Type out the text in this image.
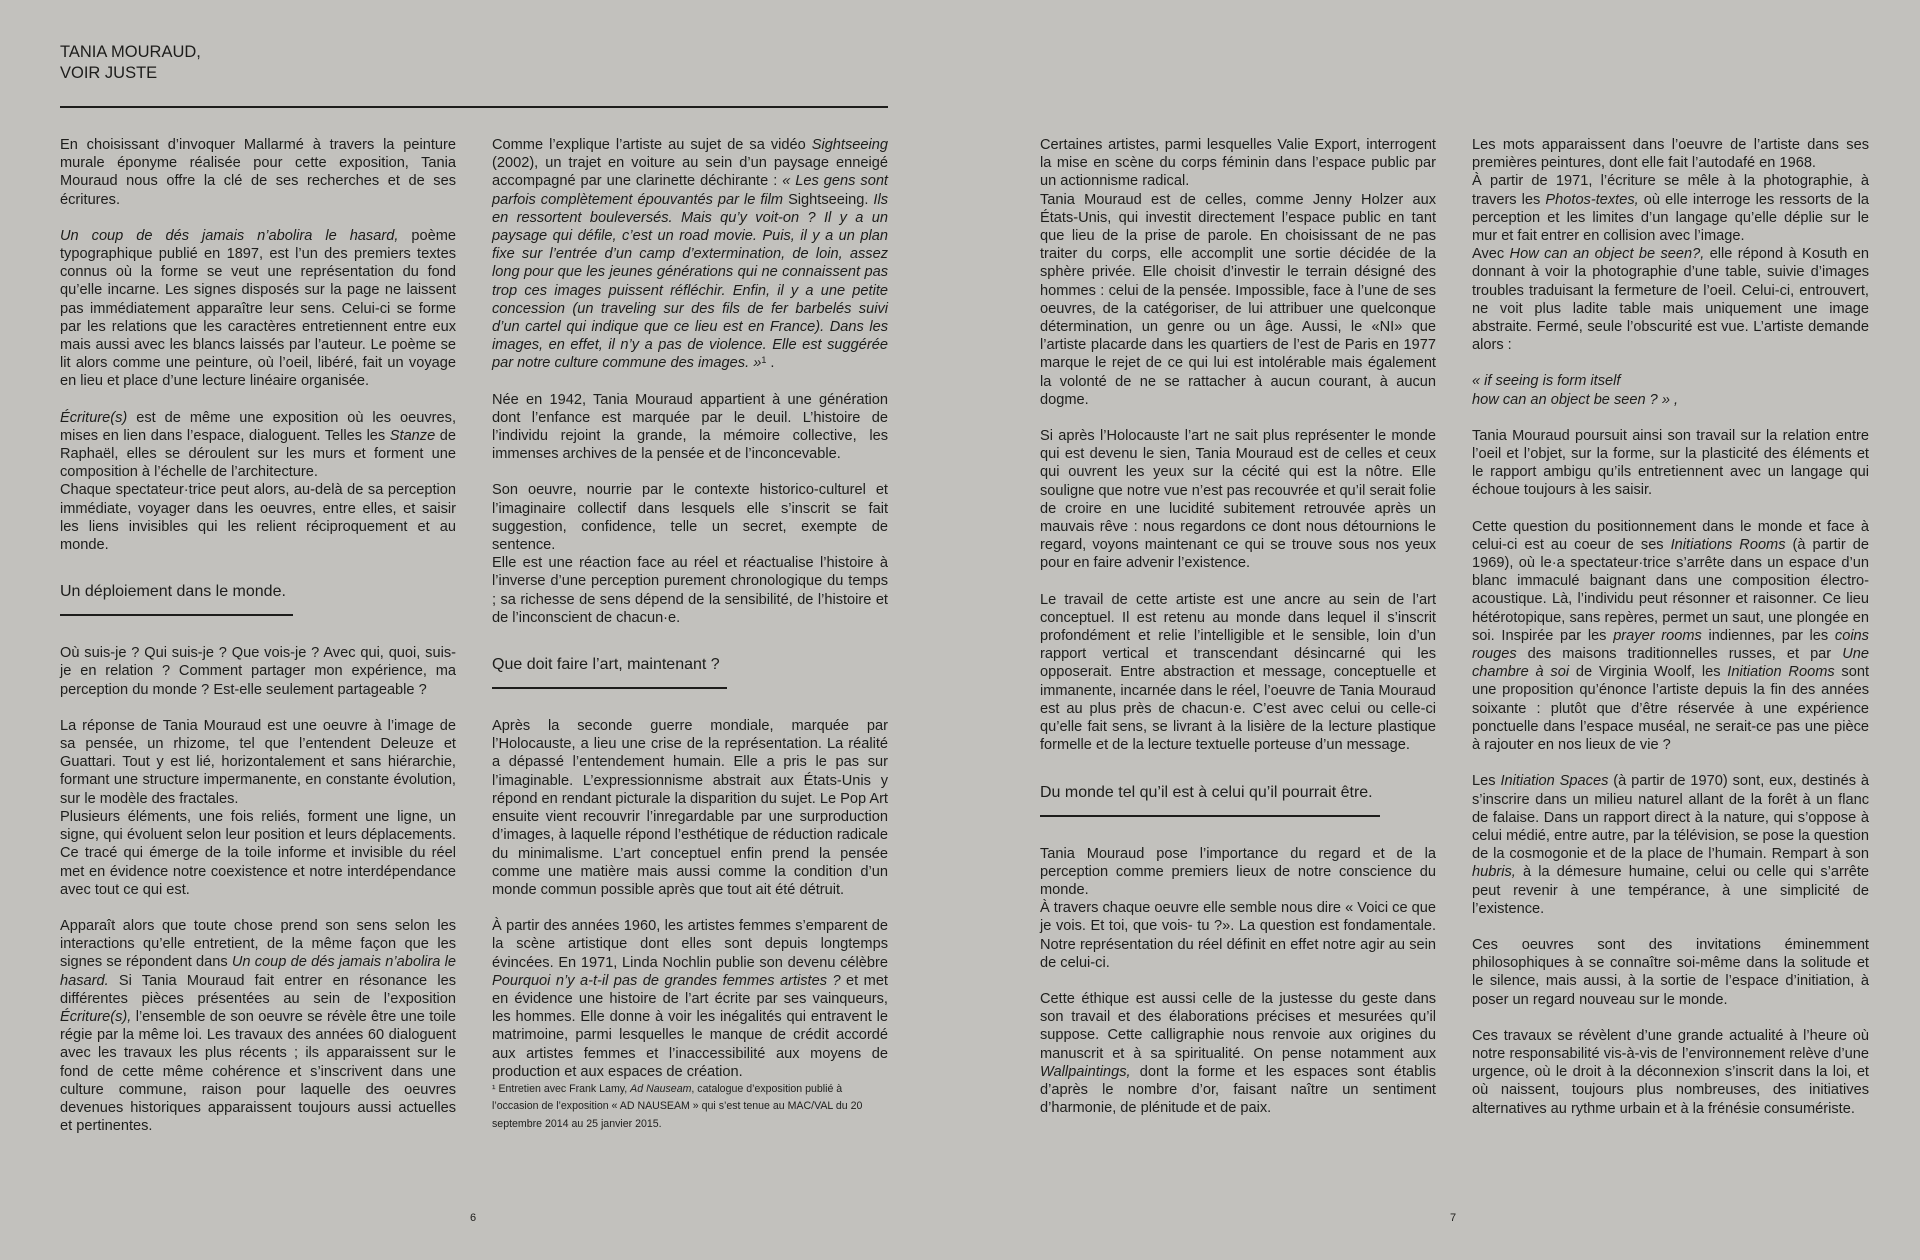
TANIA MOURAUD,
VOIR JUSTE

En choisissant d’invoquer Mallarmé à travers la peinture murale éponyme réalisée pour cette exposition, Tania Mouraud nous offre la clé de ses recherches et de ses écritures.

Un coup de dés jamais n’abolira le hasard, poème typographique publié en 1897, est l’un des premiers textes connus où la forme se veut une représentation du fond qu’elle incarne. Les signes disposés sur la page ne laissent pas immédiatement apparaître leur sens. Celui-ci se forme par les relations que les caractères entretiennent entre eux mais aussi avec les blancs laissés par l’auteur. Le poème se lit alors comme une peinture, où l’oeil, libéré, fait un voyage en lieu et place d’une lecture linéaire organisée.

Écriture(s) est de même une exposition où les oeuvres, mises en lien dans l’espace, dialoguent. Telles les Stanze de Raphaël, elles se déroulent sur les murs et forment une composition à l’échelle de l’architecture.

Chaque spectateur·trice peut alors, au-delà de sa perception immédiate, voyager dans les oeuvres, entre elles, et saisir les liens invisibles qui les relient réciproquement et au monde.

Un déploiement dans le monde.

Où suis-je ? Qui suis-je ? Que vois-je ? Avec qui, quoi, suis-je en relation ? Comment partager mon expérience, ma perception du monde ? Est-elle seulement partageable ?

La réponse de Tania Mouraud est une oeuvre à l’image de sa pensée, un rhizome, tel que l’entendent Deleuze et Guattari. Tout y est lié, horizontalement et sans hiérarchie, formant une structure impermanente, en constante évolution, sur le modèle des fractales.

Plusieurs éléments, une fois reliés, forment une ligne, un signe, qui évoluent selon leur position et leurs déplacements. Ce tracé qui émerge de la toile informe et invisible du réel met en évidence notre coexistence et notre interdépendance avec tout ce qui est.

Apparaît alors que toute chose prend son sens selon les interactions qu’elle entretient, de la même façon que les signes se répondent dans Un coup de dés jamais n’abolira le hasard. Si Tania Mouraud fait entrer en résonance les différentes pièces présentées au sein de l’exposition Écriture(s), l’ensemble de son oeuvre se révèle être une toile régie par la même loi. Les travaux des années 60 dialoguent avec les travaux les plus récents ; ils apparaissent sur le fond de cette même cohérence et s’inscrivent dans une culture commune, raison pour laquelle des oeuvres devenues historiques apparaissent toujours aussi actuelles et pertinentes.

Comme l’explique l’artiste au sujet de sa vidéo Sightseeing (2002), un trajet en voiture au sein d’un paysage enneigé accompagné par une clarinette déchirante : « Les gens sont parfois complètement épouvantés par le film Sightseeing. Ils en ressortent bouleversés. Mais qu’y voit-on ? Il y a un paysage qui défile, c’est un road movie. Puis, il y a un plan fixe sur l’entrée d’un camp d’extermination, de loin, assez long pour que les jeunes générations qui ne connaissent pas trop ces images puissent réfléchir. Enfin, il y a une petite concession (un traveling sur des fils de fer barbelés suivi d’un cartel qui indique que ce lieu est en France). Dans les images, en effet, il n’y a pas de violence. Elle est suggérée par notre culture commune des images. »$^1$ .

Née en 1942, Tania Mouraud appartient à une génération dont l’enfance est marquée par le deuil. L’histoire de l’individu rejoint la grande, la mémoire collective, les immenses archives de la pensée et de l’inconcevable.

Son oeuvre, nourrie par le contexte historico-culturel et l’imaginaire collectif dans lesquels elle s’inscrit se fait suggestion, confidence, telle un secret, exempte de sentence.

Elle est une réaction face au réel et réactualise l’histoire à l’inverse d’une perception purement chronologique du temps ; sa richesse de sens dépend de la sensibilité, de l’histoire et de l’inconscient de chacun·e.

Que doit faire l’art, maintenant ?

Après la seconde guerre mondiale, marquée par l’Holocauste, a lieu une crise de la représentation. La réalité a dépassé l’entendement humain. Elle a pris le pas sur l’imaginable. L’expressionnisme abstrait aux États-Unis y répond en rendant picturale la disparition du sujet. Le Pop Art ensuite vient recouvrir l’inregardable par une surproduction d’images, à laquelle répond l’esthétique de réduction radicale du minimalisme. L’art conceptuel enfin prend la pensée comme une matière mais aussi comme la condition d’un monde commun possible après que tout ait été détruit.

À partir des années 1960, les artistes femmes s’emparent de la scène artistique dont elles sont depuis longtemps évincées. En 1971, Linda Nochlin publie son devenu célèbre Pourquoi n’y a-t-il pas de grandes femmes artistes ? et met en évidence une histoire de l’art écrite par ses vainqueurs, les hommes. Elle donne à voir les inégalités qui entravent le matrimoine, parmi lesquelles le manque de crédit accordé aux artistes femmes et l’inaccessibilité aux moyens de production et aux espaces de création.

¹ Entretien avec Frank Lamy, Ad Nauseam, catalogue d’exposition publié à l’occasion de l’exposition « AD NAUSEAM » qui s’est tenue au MAC/VAL du 20 septembre 2014 au 25 janvier 2015.

Certaines artistes, parmi lesquelles Valie Export, interrogent la mise en scène du corps féminin dans l’espace public par un actionnisme radical.

Tania Mouraud est de celles, comme Jenny Holzer aux États-Unis, qui investit directement l’espace public en tant que lieu de la prise de parole. En choisissant de ne pas traiter du corps, elle accomplit une sortie décidée de la sphère privée. Elle choisit d’investir le terrain désigné des hommes : celui de la pensée. Impossible, face à l’une de ses oeuvres, de la catégoriser, de lui attribuer une quelconque détermination, un genre ou un âge. Aussi, le «NI» que l’artiste placarde dans les quartiers de l’est de Paris en 1977 marque le rejet de ce qui lui est intolérable mais également la volonté de ne se rattacher à aucun courant, à aucun dogme.

Si après l’Holocauste l’art ne sait plus représenter le monde qui est devenu le sien, Tania Mouraud est de celles et ceux qui ouvrent les yeux sur la cécité qui est la nôtre. Elle souligne que notre vue n’est pas recouvrée et qu’il serait folie de croire en une lucidité subitement retrouvée après un mauvais rêve : nous regardons ce dont nous détournions le regard, voyons maintenant ce qui se trouve sous nos yeux pour en faire advenir l’existence.

Le travail de cette artiste est une ancre au sein de l’art conceptuel. Il est retenu au monde dans lequel il s’inscrit profondément et relie l’intelligible et le sensible, loin d’un rapport vertical et transcendant désincarné qui les opposerait. Entre abstraction et message, conceptuelle et immanente, incarnée dans le réel, l’oeuvre de Tania Mouraud est au plus près de chacun·e. C’est avec celui ou celle-ci qu’elle fait sens, se livrant à la lisière de la lecture plastique formelle et de la lecture textuelle porteuse d’un message.

Du monde tel qu’il est à celui qu’il pourrait être.

Tania Mouraud pose l’importance du regard et de la perception comme premiers lieux de notre conscience du monde.

À travers chaque oeuvre elle semble nous dire « Voici ce que je vois. Et toi, que vois- tu ?». La question est fondamentale. Notre représentation du réel définit en effet notre agir au sein de celui-ci.

Cette éthique est aussi celle de la justesse du geste dans son travail et des élaborations précises et mesurées qu’il suppose. Cette calligraphie nous renvoie aux origines du manuscrit et à sa spiritualité. On pense notamment aux Wallpaintings, dont la forme et les espaces sont établis d’après le nombre d’or, faisant naître un sentiment d’harmonie, de plénitude et de paix.

Les mots apparaissent dans l’oeuvre de l’artiste dans ses premières peintures, dont elle fait l’autodafé en 1968.

À partir de 1971, l’écriture se mêle à la photographie, à travers les Photos-textes, où elle interroge les ressorts de la perception et les limites d’un langage qu’elle déplie sur le mur et fait entrer en collision avec l’image.

Avec How can an object be seen?, elle répond à Kosuth en donnant à voir la photographie d’une table, suivie d’images troubles traduisant la fermeture de l’oeil. Celui-ci, entrouvert, ne voit plus ladite table mais uniquement une image abstraite. Fermé, seule l’obscurité est vue. L’artiste demande alors :

« if seeing is form itself

how can an object be seen ? » ,

Tania Mouraud poursuit ainsi son travail sur la relation entre l’oeil et l’objet, sur la forme, sur la plasticité des éléments et le rapport ambigu qu’ils entretiennent avec un langage qui échoue toujours à les saisir.

Cette question du positionnement dans le monde et face à celui-ci est au coeur de ses Initiations Rooms (à partir de 1969), où le·a spectateur·trice s’arrête dans un espace d’un blanc immaculé baignant dans une composition électro-acoustique. Là, l’individu peut résonner et raisonner. Ce lieu hétérotopique, sans repères, permet un saut, une plongée en soi. Inspirée par les prayer rooms indiennes, par les coins rouges des maisons traditionnelles russes, et par Une chambre à soi de Virginia Woolf, les Initiation Rooms sont une proposition qu’énonce l’artiste depuis la fin des années soixante : plutôt que d’être réservée à une expérience ponctuelle dans l’espace muséal, ne serait-ce pas une pièce à rajouter en nos lieux de vie ?

Les Initiation Spaces (à partir de 1970) sont, eux, destinés à s’inscrire dans un milieu naturel allant de la forêt à un flanc de falaise. Dans un rapport direct à la nature, qui s’oppose à celui médié, entre autre, par la télévision, se pose la question de la cosmogonie et de la place de l’humain. Rempart à son hubris, à la démesure humaine, celui ou celle qui s’arrête peut revenir à une tempérance, à une simplicité de l’existence.

Ces oeuvres sont des invitations éminemment philosophiques à se connaître soi-même dans la solitude et le silence, mais aussi, à la sortie de l’espace d’initiation, à poser un regard nouveau sur le monde.

Ces travaux se révèlent d’une grande actualité à l’heure où notre responsabilité vis-à-vis de l’environnement relève d’une urgence, où le droit à la déconnexion s’inscrit dans la loi, et où naissent, toujours plus nombreuses, des initiatives alternatives au rythme urbain et à la frénésie consumériste.

6	7
